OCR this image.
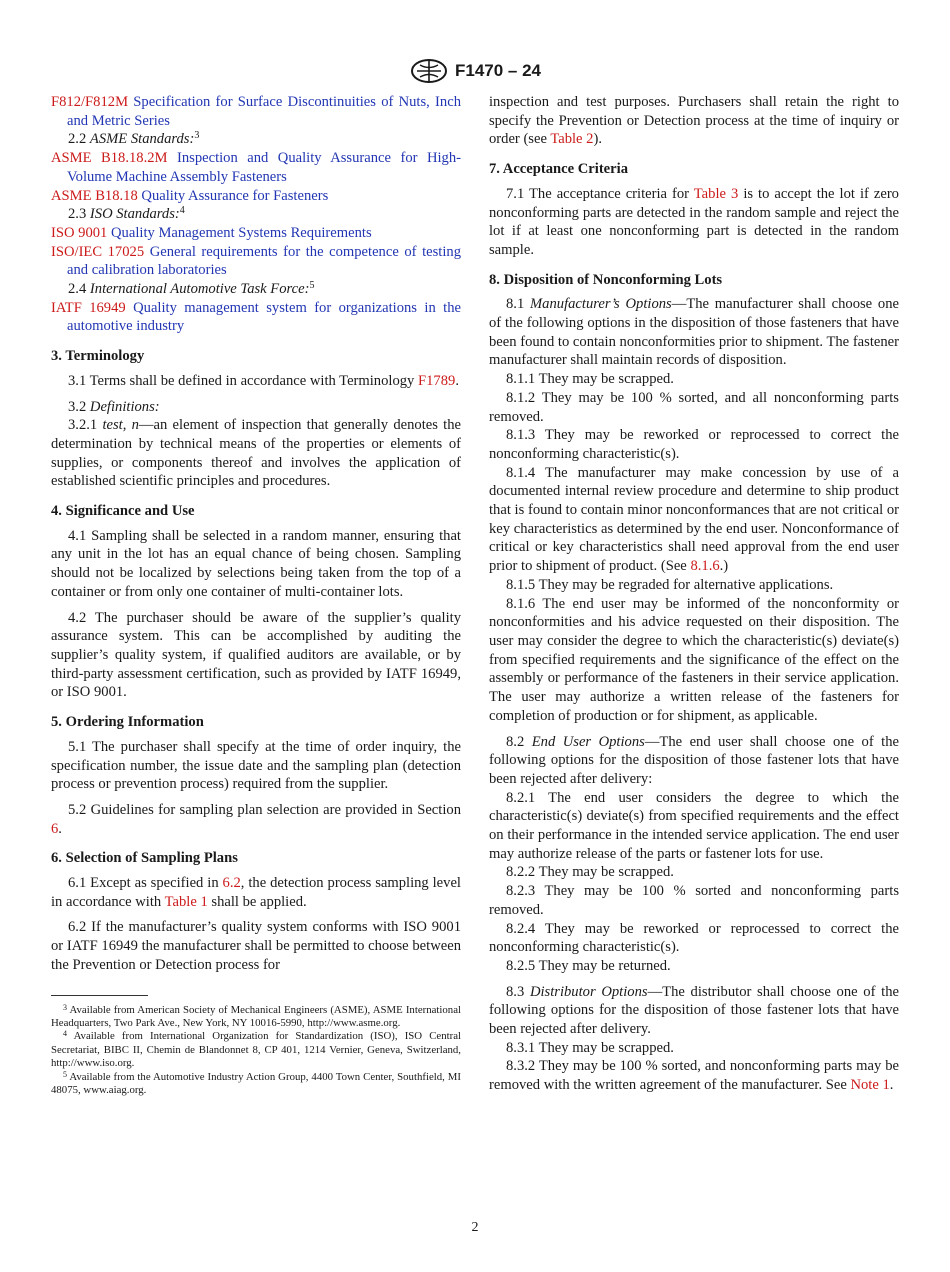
F1470 – 24

F812/F812M Specification for Surface Discontinuities of Nuts, Inch and Metric Series

2.2 ASME Standards:$^3$

ASME B18.18.2M Inspection and Quality Assurance for High-Volume Machine Assembly Fasteners

ASME B18.18 Quality Assurance for Fasteners

2.3 ISO Standards:$^4$

ISO 9001 Quality Management Systems Requirements

ISO/IEC 17025 General requirements for the competence of testing and calibration laboratories

2.4 International Automotive Task Force:$^5$

IATF 16949 Quality management system for organizations in the automotive industry

3. Terminology

3.1 Terms shall be defined in accordance with Terminology F1789.

3.2 Definitions:

3.2.1 test, n—an element of inspection that generally denotes the determination by technical means of the properties or elements of supplies, or components thereof and involves the application of established scientific principles and procedures.

4. Significance and Use

4.1 Sampling shall be selected in a random manner, ensuring that any unit in the lot has an equal chance of being chosen. Sampling should not be localized by selections being taken from the top of a container or from only one container of multi-container lots.

4.2 The purchaser should be aware of the supplier’s quality assurance system. This can be accomplished by auditing the supplier’s quality system, if qualified auditors are available, or by third-party assessment certification, such as provided by IATF 16949, or ISO 9001.

5. Ordering Information

5.1 The purchaser shall specify at the time of order inquiry, the specification number, the issue date and the sampling plan (detection process or prevention process) required from the supplier.

5.2 Guidelines for sampling plan selection are provided in Section 6.

6. Selection of Sampling Plans

6.1 Except as specified in 6.2, the detection process sampling level in accordance with Table 1 shall be applied.

6.2 If the manufacturer’s quality system conforms with ISO 9001 or IATF 16949 the manufacturer shall be permitted to choose between the Prevention or Detection process for

$^3$ Available from American Society of Mechanical Engineers (ASME), ASME International Headquarters, Two Park Ave., New York, NY 10016-5990, http://www.asme.org.

$^4$ Available from International Organization for Standardization (ISO), ISO Central Secretariat, BIBC II, Chemin de Blandonnet 8, CP 401, 1214 Vernier, Geneva, Switzerland, http://www.iso.org.

$^5$ Available from the Automotive Industry Action Group, 4400 Town Center, Southfield, MI 48075, www.aiag.org.

inspection and test purposes. Purchasers shall retain the right to specify the Prevention or Detection process at the time of inquiry or order (see Table 2).

7. Acceptance Criteria

7.1 The acceptance criteria for Table 3 is to accept the lot if zero nonconforming parts are detected in the random sample and reject the lot if at least one nonconforming part is detected in the random sample.

8. Disposition of Nonconforming Lots

8.1 Manufacturer’s Options—The manufacturer shall choose one of the following options in the disposition of those fasteners that have been found to contain nonconformities prior to shipment. The fastener manufacturer shall maintain records of disposition.

8.1.1 They may be scrapped.

8.1.2 They may be 100 % sorted, and all nonconforming parts removed.

8.1.3 They may be reworked or reprocessed to correct the nonconforming characteristic(s).

8.1.4 The manufacturer may make concession by use of a documented internal review procedure and determine to ship product that is found to contain minor nonconformances that are not critical or key characteristics as determined by the end user. Nonconformance of critical or key characteristics shall need approval from the end user prior to shipment of product. (See 8.1.6.)

8.1.5 They may be regraded for alternative applications.

8.1.6 The end user may be informed of the nonconformity or nonconformities and his advice requested on their disposition. The user may consider the degree to which the characteristic(s) deviate(s) from specified requirements and the significance of the effect on the assembly or performance of the fasteners in their service application. The user may authorize a written release of the fasteners for completion of production or for shipment, as applicable.

8.2 End User Options—The end user shall choose one of the following options for the disposition of those fastener lots that have been rejected after delivery:

8.2.1 The end user considers the degree to which the characteristic(s) deviate(s) from specified requirements and the effect on their performance in the intended service application. The end user may authorize release of the parts or fastener lots for use.

8.2.2 They may be scrapped.

8.2.3 They may be 100 % sorted and nonconforming parts removed.

8.2.4 They may be reworked or reprocessed to correct the nonconforming characteristic(s).

8.2.5 They may be returned.

8.3 Distributor Options—The distributor shall choose one of the following options for the disposition of those fastener lots that have been rejected after delivery.

8.3.1 They may be scrapped.

8.3.2 They may be 100 % sorted, and nonconforming parts may be removed with the written agreement of the manufacturer. See Note 1.

2
